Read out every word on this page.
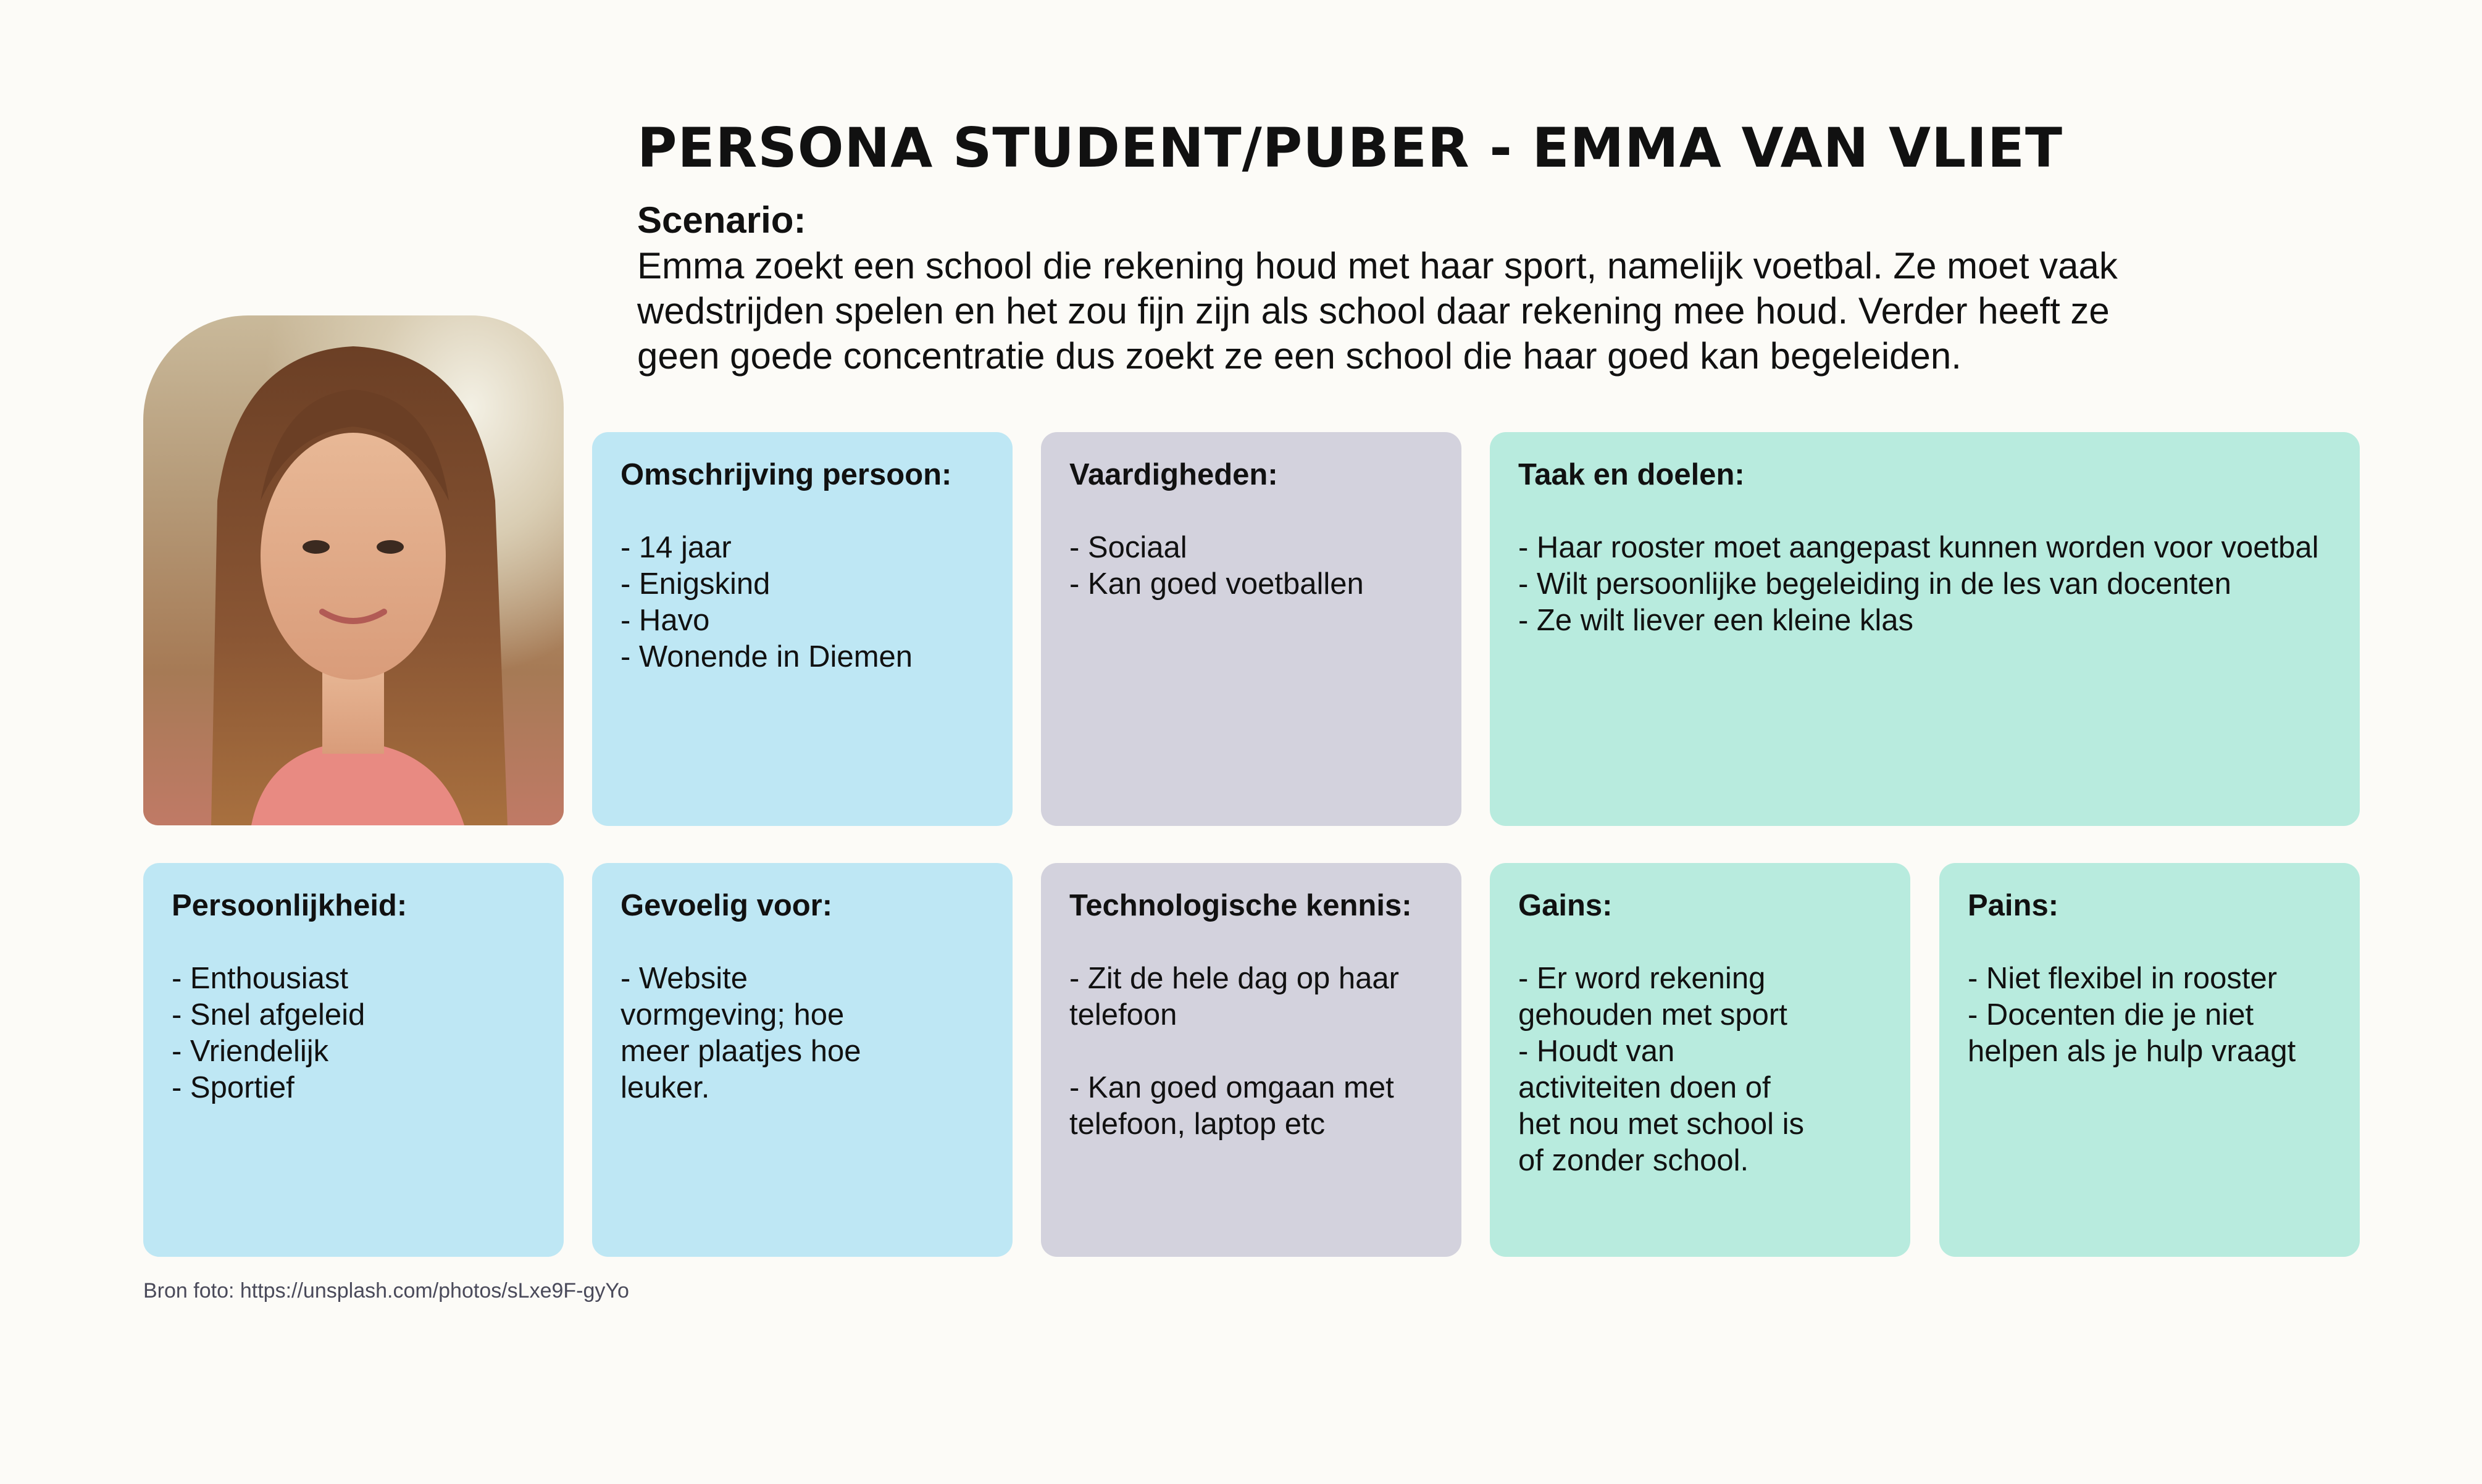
PERSONA STUDENT/PUBER - EMMA VAN VLIET

Scenario:

Emma zoekt een school die rekening houd met haar sport, namelijk voetbal. Ze moet vaak wedstrijden spelen en het zou fijn zijn als school daar rekening mee houd. Verder heeft ze geen goede concentratie dus zoekt ze een school die haar goed kan begeleiden.

Omschrijving persoon:

- 14 jaar

- Enigskind

- Havo

- Wonende in Diemen

Vaardigheden:

- Sociaal

- Kan goed voetballen

Taak en doelen:

- Haar rooster moet aangepast kunnen worden voor voetbal

- Wilt persoonlijke begeleiding in de les van docenten

- Ze wilt liever een kleine klas

Persoonlijkheid:

- Enthousiast

- Snel afgeleid

- Vriendelijk

- Sportief

Gevoelig voor:

- Website

vormgeving; hoe

meer plaatjes hoe

leuker.

Technologische kennis:

- Zit de hele dag op haar

telefoon

- Kan goed omgaan met

telefoon, laptop etc

Gains:

- Er word rekening

gehouden met sport

- Houdt van

activiteiten doen of

het nou met school is

of zonder school.

Pains:

- Niet flexibel in rooster

- Docenten die je niet

helpen als je hulp vraagt

Bron foto: https://unsplash.com/photos/sLxe9F-gyYo
